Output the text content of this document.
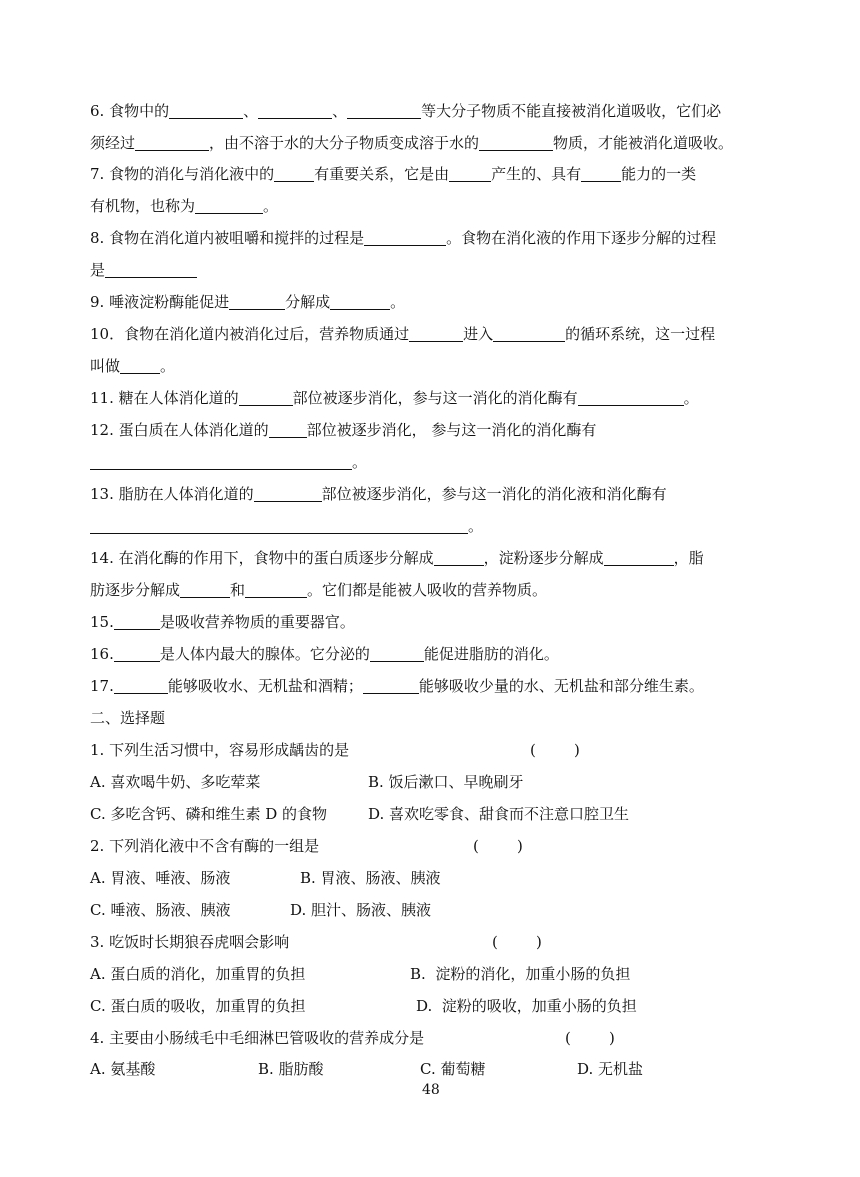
6. 食物中的	、	、	等大分子物质不能直接被消化道吸收，它们必
须经过	，由不溶于水的大分子物质变成溶于水的	物质，才能被消化道吸收。
7. 食物的消化与消化液中的	有重要关系，它是由	产生的、具有	能力的一类
有机物，也称为	。
8. 食物在消化道内被咀嚼和搅拌的过程是	。食物在消化液的作用下逐步分解的过程
是
9. 唾液淀粉酶能促进	分解成	。
10．食物在消化道内被消化过后，营养物质通过	进入	的循环系统，这一过程
叫做	。
11. 糖在人体消化道的	部位被逐步消化，参与这一消化的消化酶有	。
12. 蛋白质在人体消化道的	部位被逐步消化， 参与这一消化的消化酶有
。
13. 脂肪在人体消化道的	部位被逐步消化，参与这一消化的消化液和消化酶有
。
14. 在消化酶的作用下，食物中的蛋白质逐步分解成	，淀粉逐步分解成	，脂
肪逐步分解成	和	。它们都是能被人吸收的营养物质。
15.	是吸收营养物质的重要器官。
16.	是人体内最大的腺体。它分泌的	能促进脂肪的消化。
17.	能够吸收水、无机盐和酒精；	能够吸收少量的水、无机盐和部分维生素。
二、选择题
1. 下列生活习惯中，容易形成龋齿的是	(        )
A. 喜欢喝牛奶、多吃荤菜	B. 饭后漱口、早晚刷牙
C. 多吃含钙、磷和维生素 D 的食物	D. 喜欢吃零食、甜食而不注意口腔卫生
2. 下列消化液中不含有酶的一组是	(        )
A. 胃液、唾液、肠液	B. 胃液、肠液、胰液
C. 唾液、肠液、胰液	D. 胆汁、肠液、胰液
3. 吃饭时长期狼吞虎咽会影响	(        )
A. 蛋白质的消化，加重胃的负担	B.  淀粉的消化，加重小肠的负担
C. 蛋白质的吸收，加重胃的负担	D.  淀粉的吸收，加重小肠的负担
4. 主要由小肠绒毛中毛细淋巴管吸收的营养成分是	(        )
A. 氨基酸	B. 脂肪酸	C. 葡萄糖	D. 无机盐
48
